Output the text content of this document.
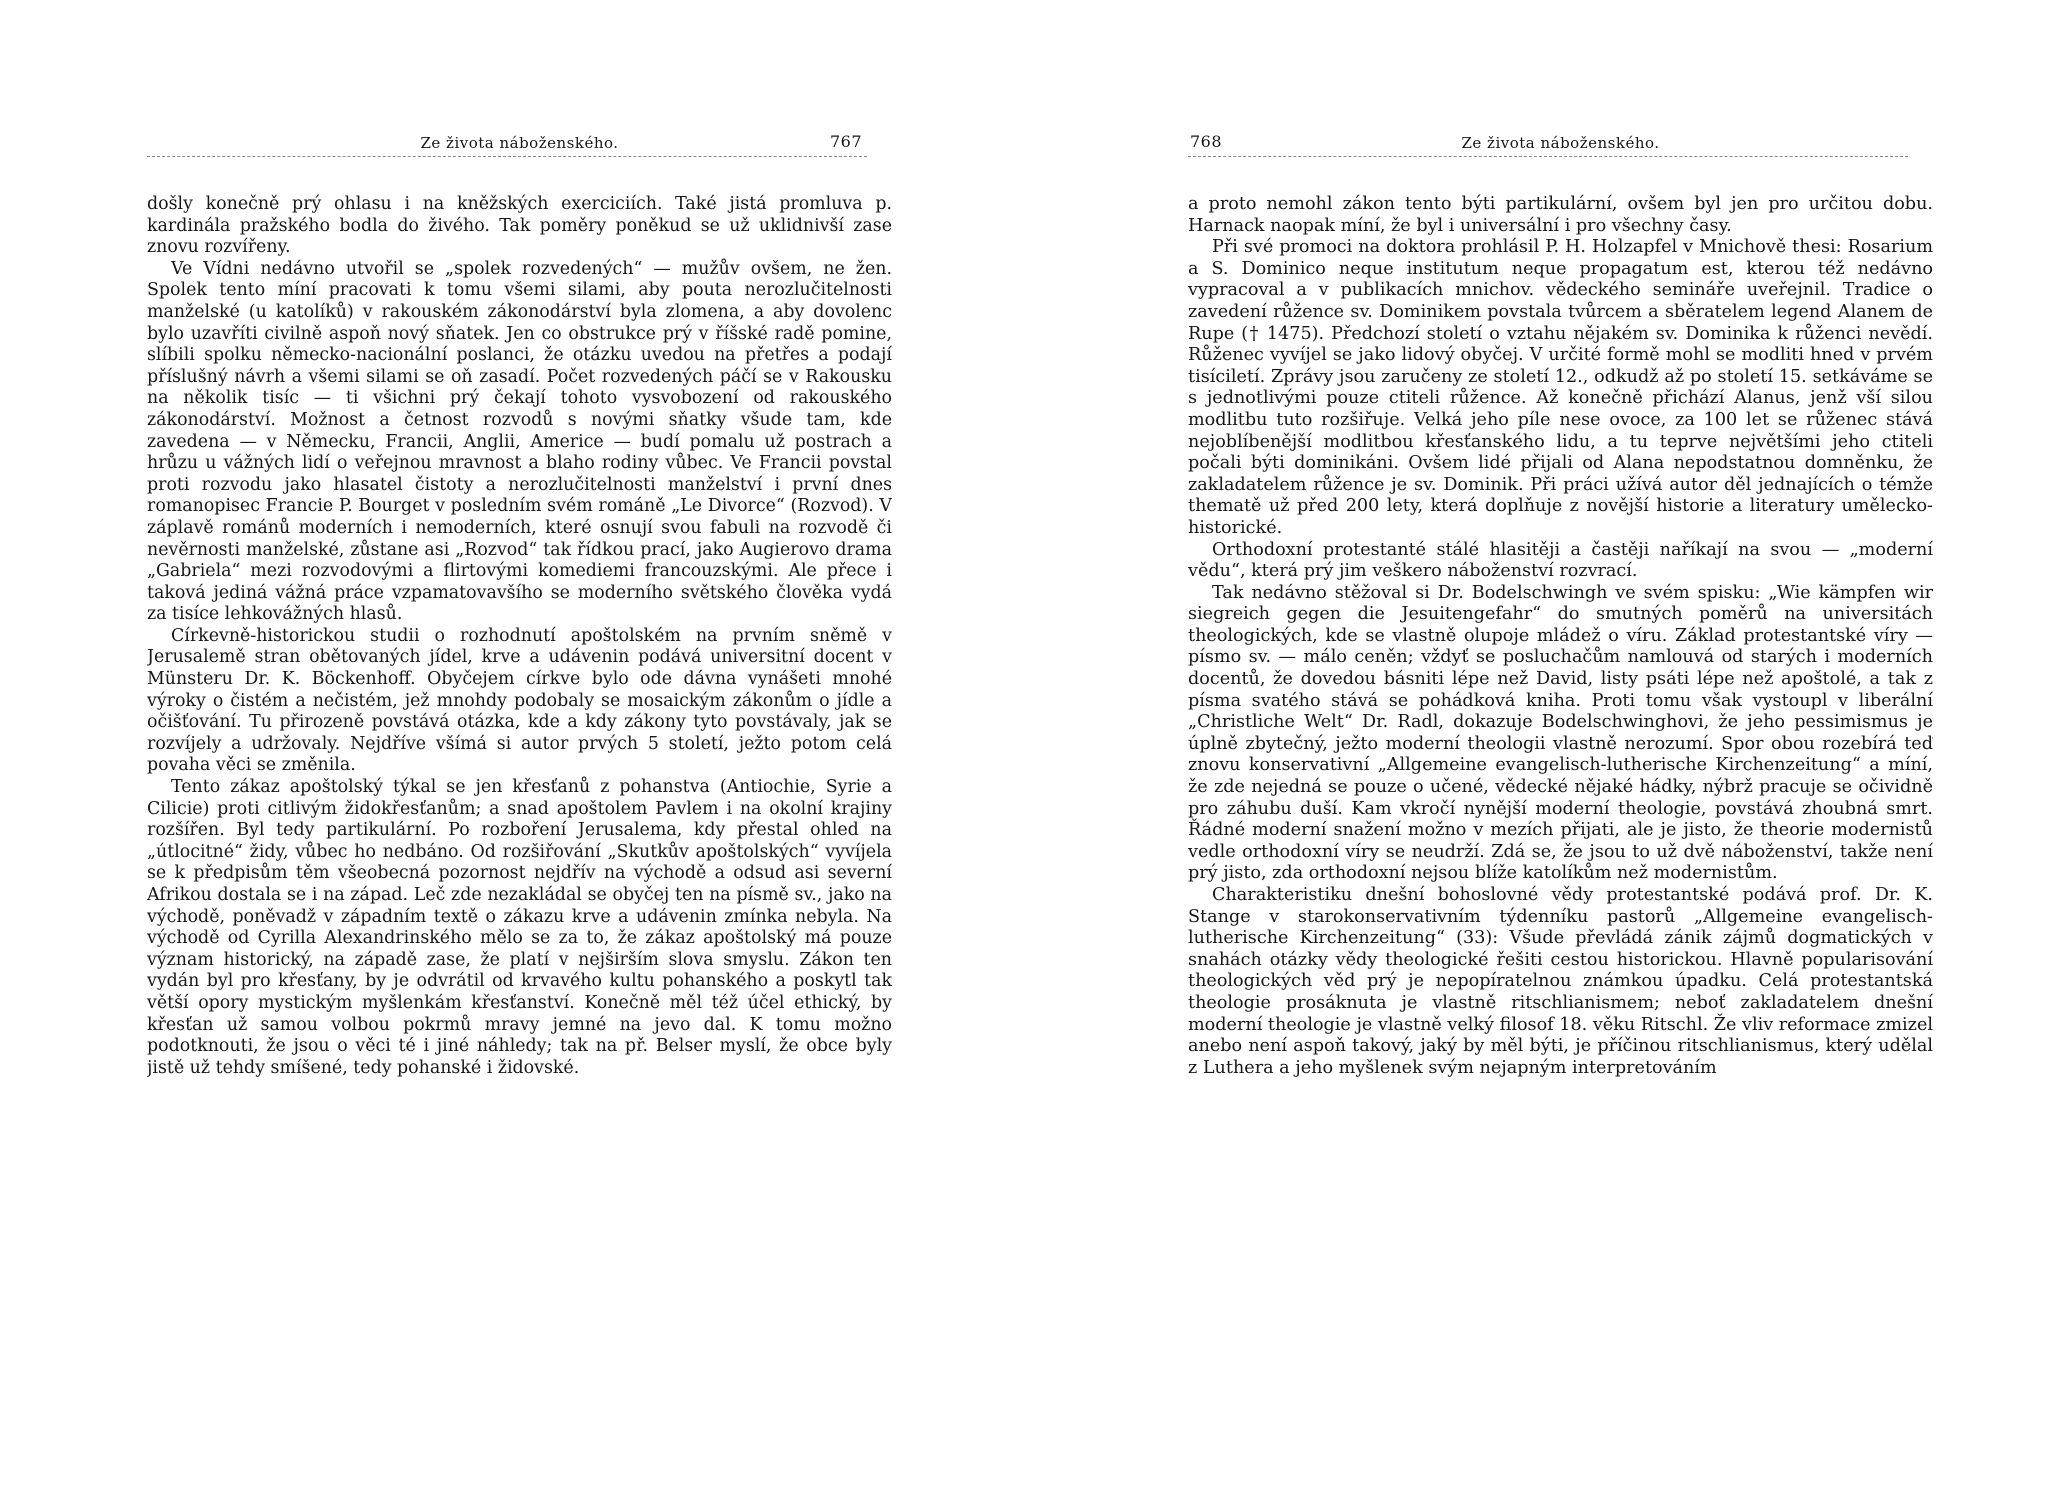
Ze života náboženského.	767

došly konečně prý ohlasu i na kněžských exerciciích. Také jistá promluva p. kardinála pražského bodla do živého. Tak poměry poněkud se už uklidnivší zase znovu rozvířeny.

Ve Vídni nedávno utvořil se „spolek rozvedených“ — mužův ovšem, ne žen. Spolek tento míní pracovati k tomu všemi silami, aby pouta nerozlučitelnosti manželské (u katolíků) v rakouském zákonodárství byla zlomena, a aby dovolenc bylo uzavříti civilně aspoň nový sňatek. Jen co obstrukce prý v říšské radě pomine, slíbili spolku německo-nacionální poslanci, že otázku uvedou na přetřes a podají příslušný návrh a všemi silami se oň zasadí. Počet rozvedených páčí se v Rakousku na několik tisíc — ti všichni prý čekají tohoto vysvobození od rakouského zákonodárství. Možnost a četnost rozvodů s novými sňatky všude tam, kde zavedena — v Německu, Francii, Anglii, Americe — budí pomalu už postrach a hrůzu u vážných lidí o veřejnou mravnost a blaho rodiny vůbec. Ve Francii povstal proti rozvodu jako hlasatel čistoty a nerozlučitelnosti manželství i první dnes romanopisec Francie P. Bourget v posledním svém románě „Le Divorce“ (Rozvod). V záplavě románů moderních i nemoderních, které osnují svou fabuli na rozvodě či nevěrnosti manželské, zůstane asi „Rozvod“ tak řídkou prací, jako Augierovo drama „Gabriela“ mezi rozvodovými a flirtovými komediemi francouzskými. Ale přece i taková jediná vážná práce vzpamatovavšího se moderního světského člověka vydá za tisíce lehkovážných hlasů.

Církevně-historickou studii o rozhodnutí apoštolském na prvním sněmě v Jerusalemě stran obětovaných jídel, krve a udávenin podává universitní docent v Münsteru Dr. K. Böckenhoff. Obyčejem církve bylo ode dávna vynášeti mnohé výroky o čistém a nečistém, jež mnohdy podobaly se mosaickým zákonům o jídle a očišťování. Tu přirozeně povstává otázka, kde a kdy zákony tyto povstávaly, jak se rozvíjely a udržovaly. Nejdříve všímá si autor prvých 5 století, ježto potom celá povaha věci se změnila.

Tento zákaz apoštolský týkal se jen křesťanů z pohanstva (Antiochie, Syrie a Cilicie) proti citlivým židokřesťanům; a snad apoštolem Pavlem i na okolní krajiny rozšířen. Byl tedy partikulární. Po rozboření Jerusalema, kdy přestal ohled na „útlocitné“ židy, vůbec ho nedbáno. Od rozšiřování „Skutkův apoštolských“ vyvíjela se k předpisům těm všeobecná pozornost nejdřív na východě a odsud asi severní Afrikou dostala se i na západ. Leč zde nezakládal se obyčej ten na písmě sv., jako na východě, poněvadž v západním textě o zákazu krve a udávenin zmínka nebyla. Na východě od Cyrilla Alexandrinského mělo se za to, že zákaz apoštolský má pouze význam historický, na západě zase, že platí v nejširším slova smyslu. Zákon ten vydán byl pro křesťany, by je odvrátil od krvavého kultu pohanského a poskytl tak větší opory mystickým myšlenkám křesťanství. Konečně měl též účel ethický, by křesťan už samou volbou pokrmů mravy jemné na jevo dal. K tomu možno podotknouti, že jsou o věci té i jiné náhledy; tak na př. Belser myslí, že obce byly jistě už tehdy smíšené, tedy pohanské i židovské.

768	Ze života náboženského.

a proto nemohl zákon tento býti partikulární, ovšem byl jen pro určitou dobu. Harnack naopak míní, že byl i universální i pro všechny časy.

Při své promoci na doktora prohlásil P. H. Holzapfel v Mnichově thesi: Rosarium a S. Dominico neque institutum neque propagatum est, kterou též nedávno vypracoval a v publikacích mnichov. vědeckého semináře uveřejnil. Tradice o zavedení růžence sv. Dominikem povstala tvůrcem a sběratelem legend Alanem de Rupe († 1475). Předchozí století o vztahu nějakém sv. Dominika k růženci nevědí. Růženec vyvíjel se jako lidový obyčej. V určité formě mohl se modliti hned v prvém tisíciletí. Zprávy jsou zaručeny ze století 12., odkudž až po století 15. setkáváme se s jednotlivými pouze ctiteli růžence. Až konečně přichází Alanus, jenž vší silou modlitbu tuto rozšiřuje. Velká jeho píle nese ovoce, za 100 let se růženec stává nejoblíbenější modlitbou křesťanského lidu, a tu teprve největšími jeho ctiteli počali býti dominikáni. Ovšem lidé přijali od Alana nepodstatnou domněnku, že zakladatelem růžence je sv. Dominik. Při práci užívá autor děl jednajících o témže thematě už před 200 lety, která doplňuje z novější historie a literatury umělecko-historické.

Orthodoxní protestanté stálé hlasitěji a častěji naříkají na svou — „moderní vědu“, která prý jim veškero náboženství rozvrací.

Tak nedávno stěžoval si Dr. Bodelschwingh ve svém spisku: „Wie kämpfen wir siegreich gegen die Jesuitengefahr“ do smutných poměrů na universitách theologických, kde se vlastně olupoje mládež o víru. Základ protestantské víry — písmo sv. — málo ceněn; vždyť se posluchačům namlouvá od starých i moderních docentů, že dovedou básniti lépe než David, listy psáti lépe než apoštolé, a tak z písma svatého stává se pohádková kniha. Proti tomu však vystoupl v liberální „Christliche Welt“ Dr. Radl, dokazuje Bodelschwinghovi, že jeho pessimismus je úplně zbytečný, ježto moderní theologii vlastně nerozumí. Spor obou rozebírá teď znovu konservativní „Allgemeine evangelisch-lutherische Kirchenzeitung“ a míní, že zde nejedná se pouze o učené, vědecké nějaké hádky, nýbrž pracuje se očividně pro záhubu duší. Kam vkročí nynější moderní theologie, povstává zhoubná smrt. Řádné moderní snažení možno v mezích přijati, ale je jisto, že theorie modernistů vedle orthodoxní víry se neudrží. Zdá se, že jsou to už dvě náboženství, takže není prý jisto, zda orthodoxní nejsou blíže katolíkům než modernistům.

Charakteristiku dnešní bohoslovné vědy protestantské podává prof. Dr. K. Stange v starokonservativním týdenníku pastorů „Allgemeine evangelisch-lutherische Kirchenzeitung“ (33): Všude převládá zánik zájmů dogmatických v snahách otázky vědy theologické řešiti cestou historickou. Hlavně popularisování theologických věd prý je nepopíratelnou známkou úpadku. Celá protestantská theologie prosáknuta je vlastně ritschlianismem; neboť zakladatelem dnešní moderní theologie je vlastně velký filosof 18. věku Ritschl. Že vliv reformace zmizel anebo není aspoň takový, jaký by měl býti, je příčinou ritschlianismus, který udělal z Luthera a jeho myšlenek svým nejapným interpretováním
